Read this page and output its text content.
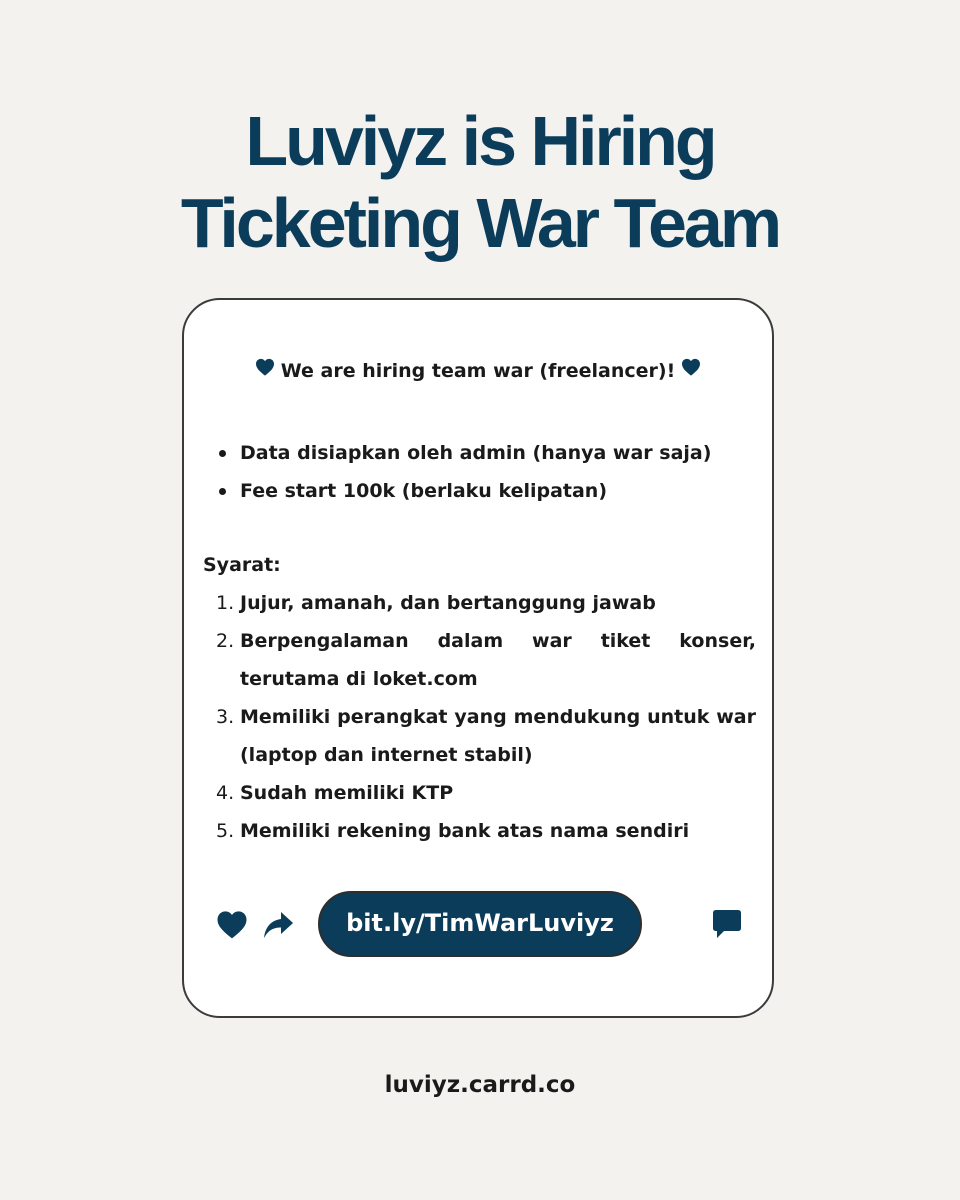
Luviyz is Hiring
Ticketing War Team
We are hiring team war (freelancer)!
Data disiapkan oleh admin (hanya war saja)
Fee start 100k (berlaku kelipatan)
Syarat:
1. Jujur, amanah, dan bertanggung jawab
2. Berpengalaman dalam war tiket konser, terutama di loket.com
3. Memiliki perangkat yang mendukung untuk war (laptop dan internet stabil)
4. Sudah memiliki KTP
5. Memiliki rekening bank atas nama sendiri
bit.ly/TimWarLuviyz
luviyz.carrd.co
